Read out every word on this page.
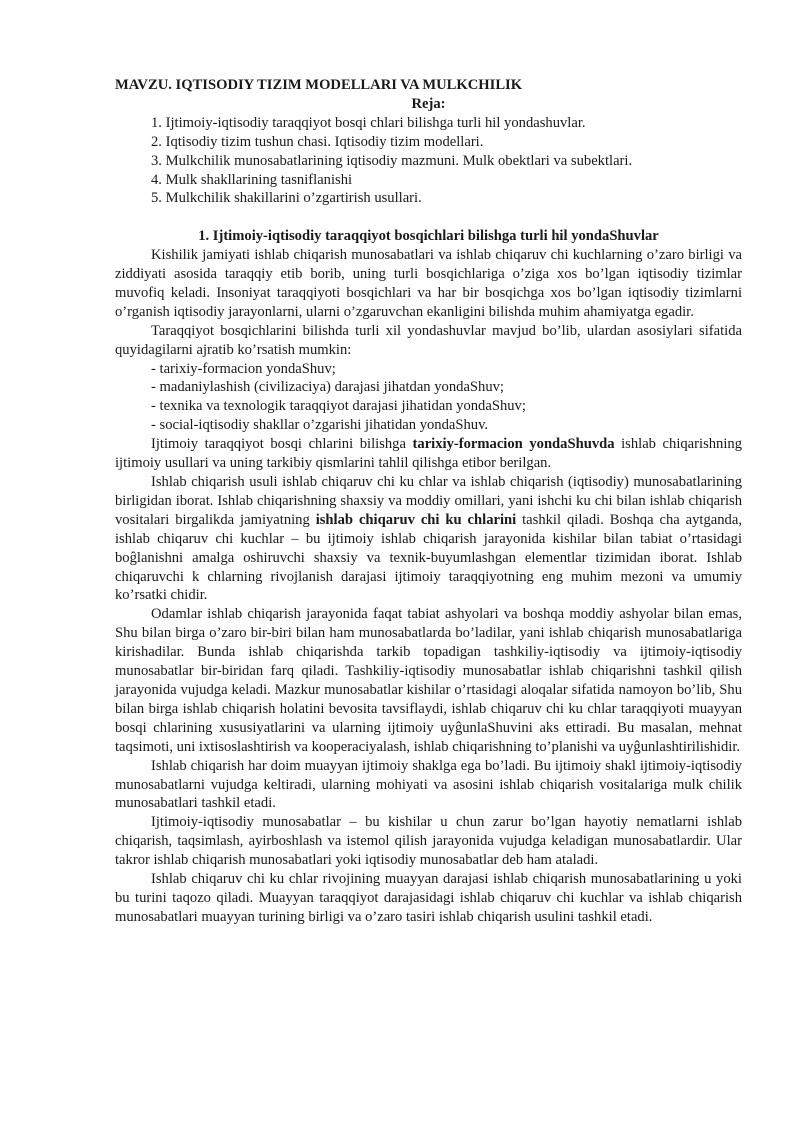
MAVZU. IQTISODIY TIZIM MODELLARI VA MULKCHILIK

Reja:

1. Ijtimoiy-iqtisodiy taraqqiyot bosqi chlari bilishga turli hil yondashuvlar.
2. Iqtisodiy tizim tushun chasi. Iqtisodiy tizim modellari.
3. Mulkchilik munosabatlarining iqtisodiy mazmuni. Mulk obektlari va subektlari.
4. Mulk shakllarining tasniflanishi
5. Mulkchilik shakillarini o’zgartirish usullari.

1. Ijtimoiy-iqtisodiy taraqqiyot bosqichlari bilishga turli hil yondaShuvlar

Kishilik jamiyati ishlab chiqarish munosabatlari va ishlab chiqaruv chi kuchlarning o’zaro birligi va ziddiyati asosida taraqqiy etib borib, uning turli bosqichlariga o’ziga xos bo’lgan iqtisodiy tizimlar muvofiq keladi. Insoniyat taraqqiyoti bosqichlari va har bir bosqichga xos bo’lgan iqtisodiy tizimlarni o’rganish iqtisodiy jarayonlarni, ularni o’zgaruvchan ekanligini bilishda muhim ahamiyatga egadir.

Taraqqiyot bosqichlarini bilishda turli xil yondashuvlar mavjud bo’lib, ulardan asosiylari sifatida quyidagilarni ajratib ko’rsatish mumkin:

- tarixiy-formacion yondaShuv;

- madaniylashish (civilizaciya) darajasi jihatdan yondaShuv;

- texnika va texnologik taraqqiyot darajasi jihatidan yondaShuv;

- social-iqtisodiy shakllar o’zgarishi jihatidan yondaShuv.

Ijtimoiy taraqqiyot bosqi chlarini bilishga tarixiy-formacion yondaShuvda ishlab chiqarishning ijtimoiy usullari va uning tarkibiy qismlarini tahlil qilishga etibor berilgan.

Ishlab chiqarish usuli ishlab chiqaruv chi ku chlar va ishlab chiqarish (iqtisodiy) munosabatlarining birligidan iborat. Ishlab chiqarishning shaxsiy va moddiy omillari, yani ishchi ku chi bilan ishlab chiqarish vositalari birgalikda jamiyatning ishlab chiqaruv chi ku chlarini tashkil qiladi. Boshqa cha aytganda, ishlab chiqaruv chi kuchlar – bu ijtimoiy ishlab chiqarish jarayonida kishilar bilan tabiat o’rtasidagi boĝlanishni amalga oshiruvchi shaxsiy va texnik-buyumlashgan elementlar tizimidan iborat. Ishlab chiqaruvchi k chlarning rivojlanish darajasi ijtimoiy taraqqiyotning eng muhim mezoni va umumiy ko’rsatki chidir.

Odamlar ishlab chiqarish jarayonida faqat tabiat ashyolari va boshqa moddiy ashyolar bilan emas, Shu bilan birga o’zaro bir-biri bilan ham munosabatlarda bo’ladilar, yani ishlab chiqarish munosabatlariga kirishadilar. Bunda ishlab chiqarishda tarkib topadigan tashkiliy-iqtisodiy va ijtimoiy-iqtisodiy munosabatlar bir-biridan farq qiladi. Tashkiliy-iqtisodiy munosabatlar ishlab chiqarishni tashkil qilish jarayonida vujudga keladi. Mazkur munosabatlar kishilar o’rtasidagi aloqalar sifatida namoyon bo’lib, Shu bilan birga ishlab chiqarish holatini bevosita tavsiflaydi, ishlab chiqaruv chi ku chlar taraqqiyoti muayyan bosqi chlarining xususiyatlarini va ularning ijtimoiy uyĝunlaShuvini aks ettiradi. Bu masalan, mehnat taqsimoti, uni ixtisoslashtirish va kooperaciyalash, ishlab chiqarishning to’planishi va uyĝunlashtirilishidir.

Ishlab chiqarish har doim muayyan ijtimoiy shaklga ega bo’ladi. Bu ijtimoiy shakl ijtimoiy-iqtisodiy munosabatlarni vujudga keltiradi, ularning mohiyati va asosini ishlab chiqarish vositalariga mulk chilik munosabatlari tashkil etadi.

Ijtimoiy-iqtisodiy munosabatlar – bu kishilar u chun zarur bo’lgan hayotiy nematlarni ishlab chiqarish, taqsimlash, ayirboshlash va istemol qilish jarayonida vujudga keladigan munosabatlardir. Ular takror ishlab chiqarish munosabatlari yoki iqtisodiy munosabatlar deb ham ataladi.

Ishlab chiqaruv chi ku chlar rivojining muayyan darajasi ishlab chiqarish munosabatlarining u yoki bu turini taqozo qiladi. Muayyan taraqqiyot darajasidagi ishlab chiqaruv chi kuchlar va ishlab chiqarish munosabatlari muayyan turining birligi va o’zaro tasiri ishlab chiqarish usulini tashkil etadi.
